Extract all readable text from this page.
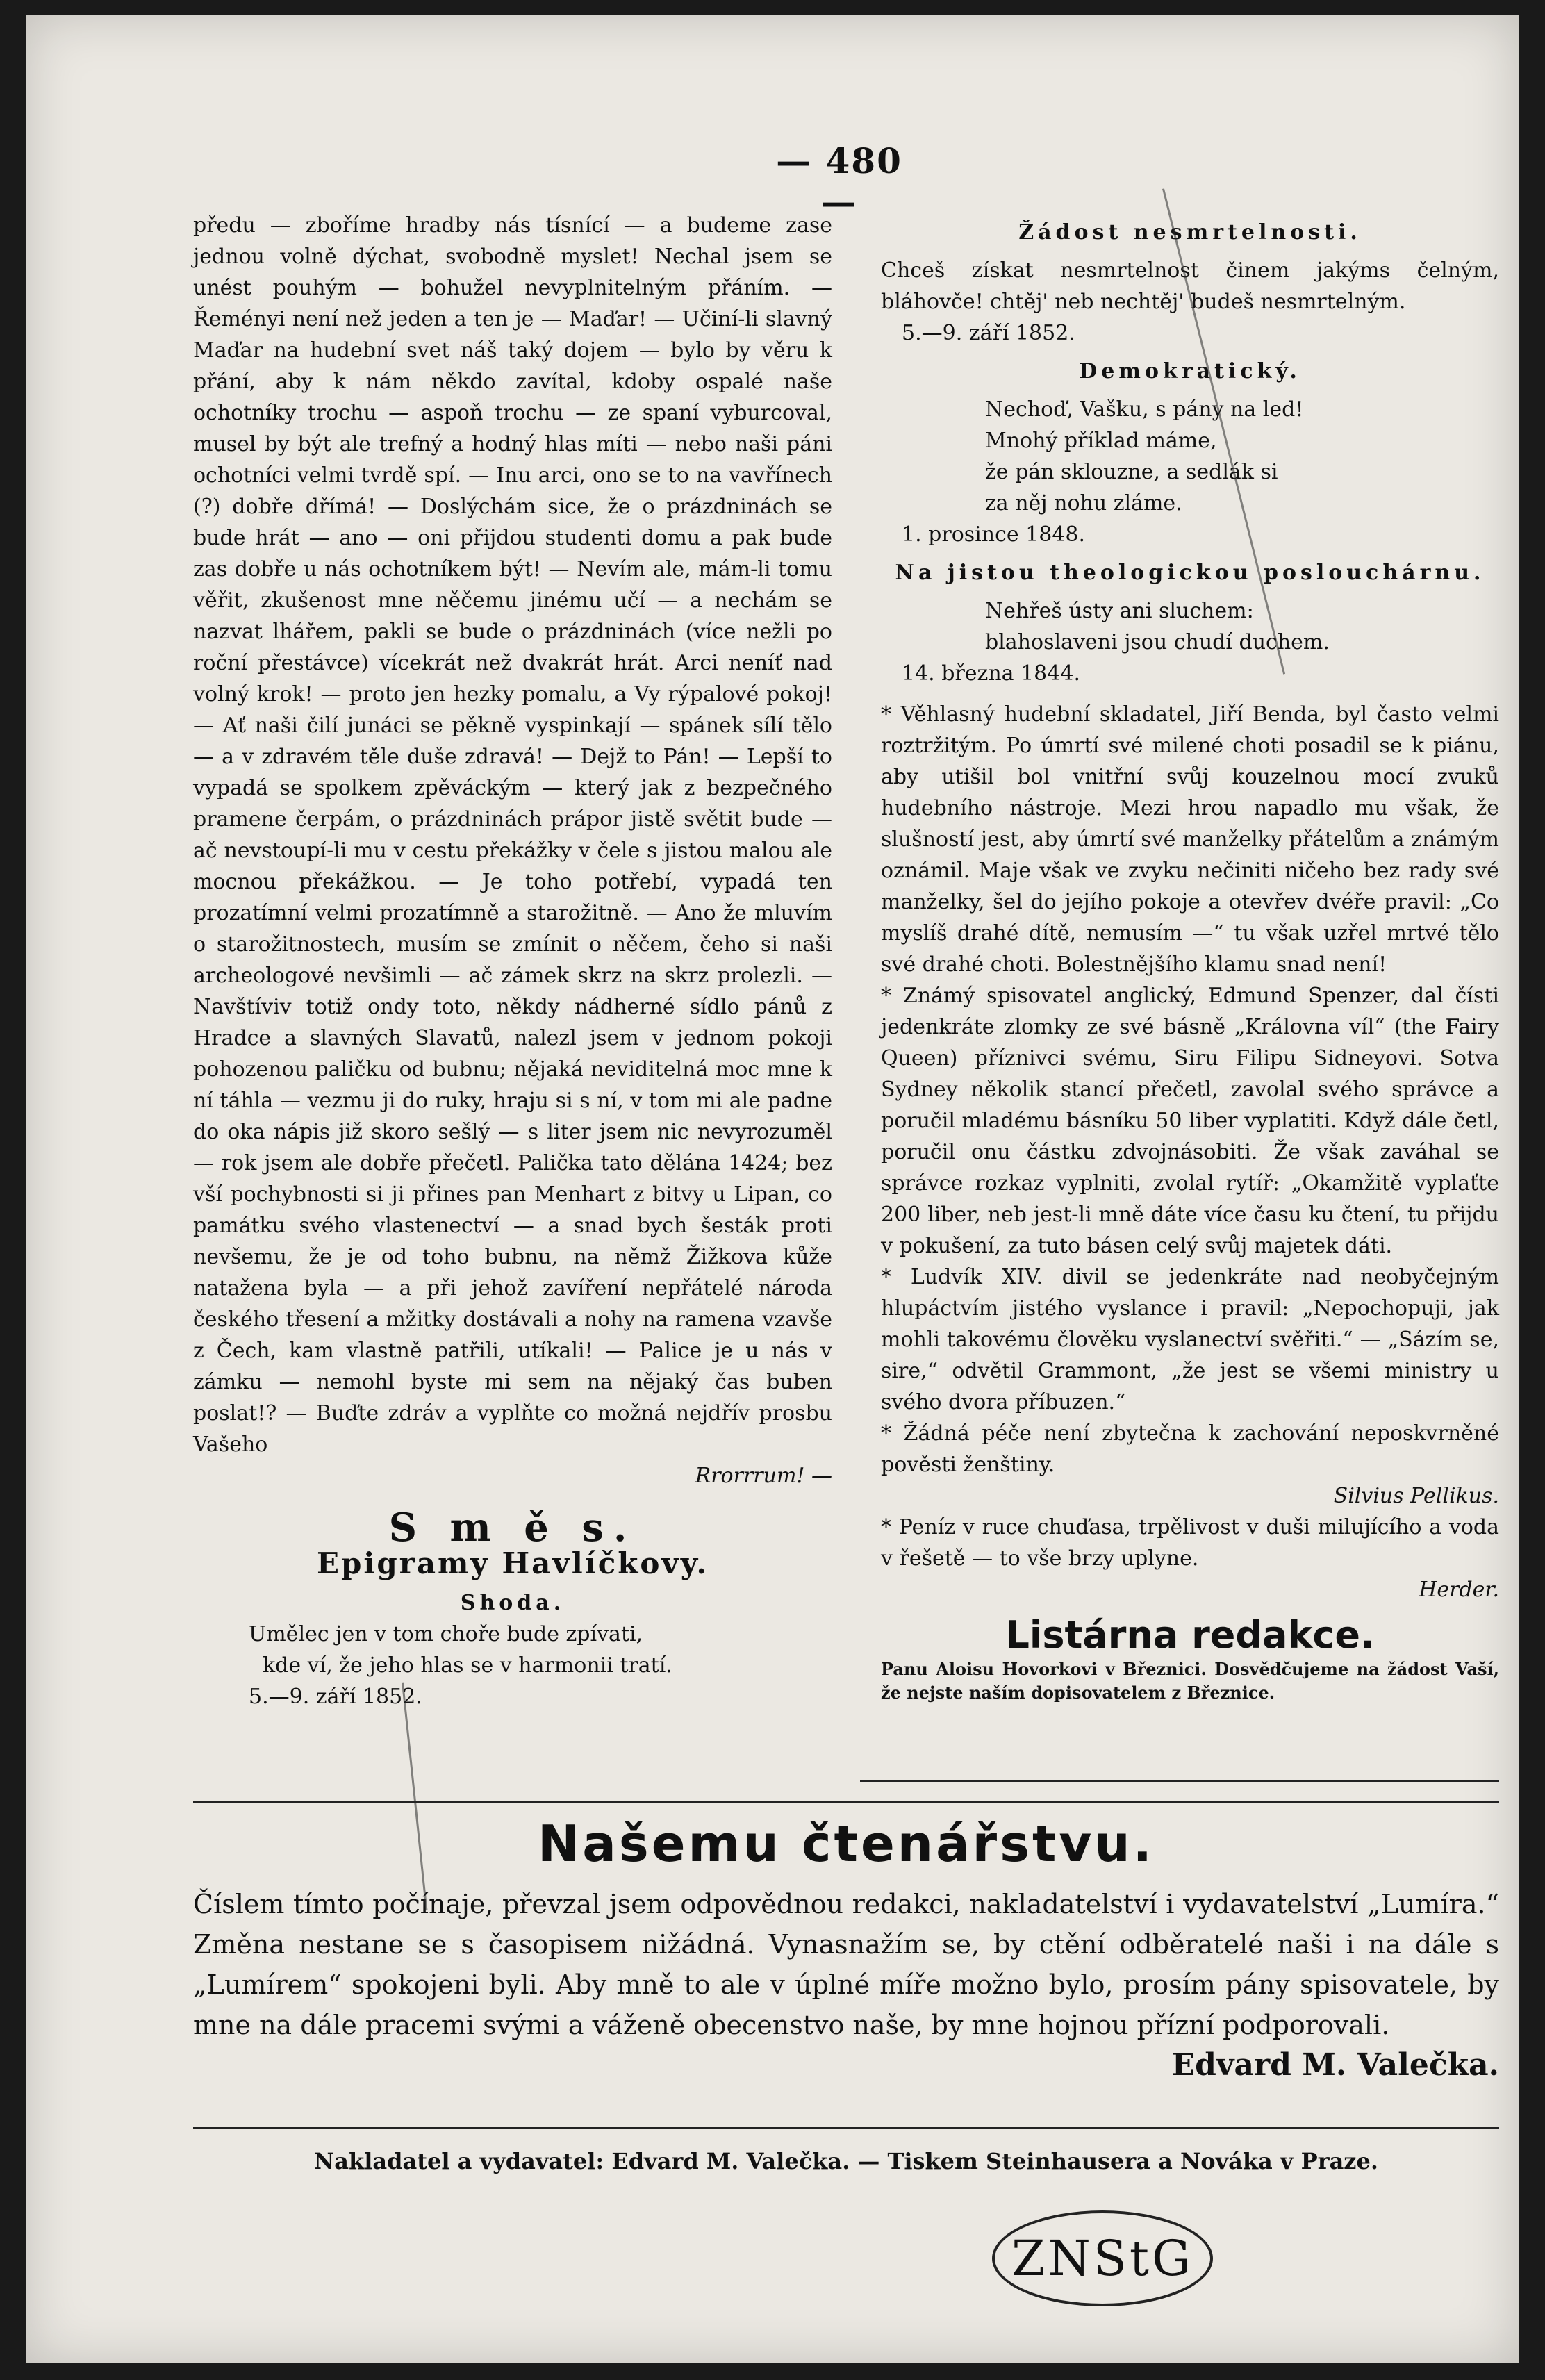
— 480 —

předu — zboříme hradby nás tísnící — a budeme zase jednou volně dýchat, svobodně myslet! Nechal jsem se unést pouhým — bohužel nevyplnitelným přáním. — Řeményi není než jeden a ten je — Maďar! — Učiní-li slavný Maďar na hudební svet náš taký dojem — bylo by věru k přání, aby k nám někdo zavítal, kdoby ospalé naše ochotníky trochu — aspoň trochu — ze spaní vyburcoval, musel by být ale trefný a hodný hlas míti — nebo naši páni ochotníci velmi tvrdě spí. — Inu arci, ono se to na vavřínech (?) dobře dřímá! — Doslýchám sice, že o prázdninách se bude hrát — ano — oni přijdou studenti domu a pak bude zas dobře u nás ochotníkem být! — Nevím ale, mám-li tomu věřit, zkušenost mne něčemu jinému učí — a nechám se nazvat lhářem, pakli se bude o prázdninách (více nežli po roční přestávce) vícekrát než dvakrát hrát. Arci neníť nad volný krok! — proto jen hezky pomalu, a Vy rýpalové pokoj! — Ať naši čilí junáci se pěkně vyspinkají — spánek sílí tělo — a v zdravém těle duše zdravá! — Dejž to Pán! — Lepší to vypadá se spolkem zpěváckým — který jak z bezpečného pramene čerpám, o prázdninách prápor jistě světit bude — ač nevstoupí-li mu v cestu překážky v čele s jistou malou ale mocnou překážkou. — Je toho potřebí, vypadá ten prozatímní velmi prozatímně a starožitně. — Ano že mluvím o starožitnostech, musím se zmínit o něčem, čeho si naši archeologové nevšimli — ač zámek skrz na skrz prolezli. — Navštíviv totiž ondy toto, někdy nádherné sídlo pánů z Hradce a slavných Slavatů, nalezl jsem v jednom pokoji pohozenou paličku od bubnu; nějaká neviditelná moc mne k ní táhla — vezmu ji do ruky, hraju si s ní, v tom mi ale padne do oka nápis již skoro sešlý — s liter jsem nic nevyrozuměl — rok jsem ale dobře přečetl. Palička tato dělána 1424; bez vší pochybnosti si ji přines pan Menhart z bitvy u Lipan, co památku svého vlastenectví — a snad bych šesták proti nevšemu, že je od toho bubnu, na němž Žižkova kůže natažena byla — a při jehož zavíření nepřátelé národa českého třesení a mžitky dostávali a nohy na ramena vzavše z Čech, kam vlastně patřili, utíkali! — Palice je u nás v zámku — nemohl byste mi sem na nějaký čas buben poslat!? — Buďte zdráv a vyplňte co možná nejdřív prosbu Vašeho

Rrorrrum! —

S m ě s.
Epigramy Havlíčkovy.
Shoda.
Umělec jen v tom choře bude zpívati,
kde ví, že jeho hlas se v harmonii tratí.
5.—9. září 1852.
Žádost nesmrtelnosti.

Chceš získat nesmrtelnost činem jakýms čelným, bláhovče! chtěj' neb nechtěj' budeš nesmrtelným.

5.—9. září 1852.

Demokratický.
Nechoď, Vašku, s pány na led!
Mnohý příklad máme,
že pán sklouzne, a sedlák si
za něj nohu zláme.

1. prosince 1848.

Na jistou theologickou poslouchárnu.
Nehřeš ústy ani sluchem:
blahoslaveni jsou chudí duchem.

14. března 1844.

* Věhlasný hudební skladatel, Jiří Benda, byl často velmi roztržitým. Po úmrtí své milené choti posadil se k piánu, aby utišil bol vnitřní svůj kouzelnou mocí zvuků hudebního nástroje. Mezi hrou napadlo mu však, že slušností jest, aby úmrtí své manželky přátelům a známým oznámil. Maje však ve zvyku nečiniti ničeho bez rady své manželky, šel do jejího pokoje a otevřev dvéře pravil: „Co myslíš drahé dítě, nemusím —“ tu však uzřel mrtvé tělo své drahé choti. Bolestnějšího klamu snad není!

* Známý spisovatel anglický, Edmund Spenzer, dal čísti jedenkráte zlomky ze své básně „Královna víl“ (the Fairy Queen) příznivci svému, Siru Filipu Sidneyovi. Sotva Sydney několik stancí přečetl, zavolal svého správce a poručil mladému básníku 50 liber vyplatiti. Když dále četl, poručil onu částku zdvojnásobiti. Že však zaváhal se správce rozkaz vyplniti, zvolal rytíř: „Okamžitě vyplaťte 200 liber, neb jest-li mně dáte více času ku čtení, tu přijdu v pokušení, za tuto básen celý svůj majetek dáti.

* Ludvík XIV. divil se jedenkráte nad neobyčejným hlupáctvím jistého vyslance i pravil: „Nepochopuji, jak mohli takovému člověku vyslanectví svěřiti.“ — „Sázím se, sire,“ odvětil Grammont, „že jest se všemi ministry u svého dvora příbuzen.“

* Žádná péče není zbytečna k zachování neposkvrněné pověsti ženštiny.

Silvius Pellikus.

* Peníz v ruce chuďasa, trpělivost v duši milujícího a voda v řešetě — to vše brzy uplyne.

Herder.

Listárna redakce.

Panu Aloisu Hovorkovi v Březnici. Dosvědčujeme na žádost Vaší, že nejste naším dopisovatelem z Březnice.

Našemu čtenářstvu.
Číslem tímto počínaje, převzal jsem odpovědnou redakci, nakladatelství i vydavatelství „Lumíra.“ Změna nestane se s časopisem nižádná. Vynasnažím se, by ctění odběratelé naši i na dále s „Lumírem“ spokojeni byli. Aby mně to ale v úplné míře možno bylo, prosím pány spisovatele, by mne na dále pracemi svými a váženě obecenstvo naše, by mne hojnou přízní podporovali.
Edvard M. Valečka.
Nakladatel a vydavatel: Edvard M. Valečka. — Tiskem Steinhausera a Nováka v Praze.
ZNStG
